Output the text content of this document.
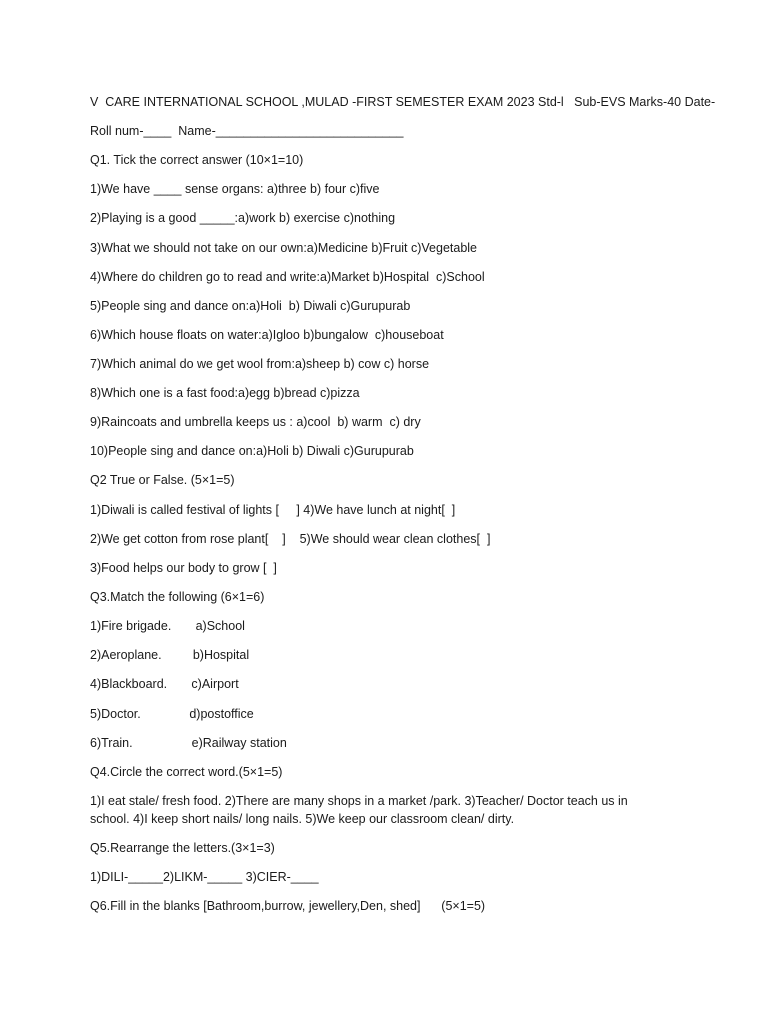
V  CARE INTERNATIONAL SCHOOL ,MULAD -FIRST SEMESTER EXAM 2023 Std-l   Sub-EVS Marks-40 Date-
Roll num-____  Name-___________________________
Q1. Tick the correct answer (10×1=10)
1)We have ____ sense organs: a)three b) four c)five
2)Playing is a good _____:a)work b) exercise c)nothing
3)What we should not take on our own:a)Medicine b)Fruit c)Vegetable
4)Where do children go to read and write:a)Market b)Hospital  c)School
5)People sing and dance on:a)Holi  b) Diwali c)Gurupurab
6)Which house floats on water:a)Igloo b)bungalow  c)houseboat
7)Which animal do we get wool from:a)sheep b) cow c) horse
8)Which one is a fast food:a)egg b)bread c)pizza
9)Raincoats and umbrella keeps us : a)cool  b) warm  c) dry
10)People sing and dance on:a)Holi b) Diwali c)Gurupurab
Q2 True or False. (5×1=5)
1)Diwali is called festival of lights [     ] 4)We have lunch at night[  ]
2)We get cotton from rose plant[    ]    5)We should wear clean clothes[  ]
3)Food helps our body to grow [  ]
Q3.Match the following (6×1=6)
1)Fire brigade.       a)School
2)Aeroplane.         b)Hospital
4)Blackboard.       c)Airport
5)Doctor.              d)postoffice
6)Train.                 e)Railway station
Q4.Circle the correct word.(5×1=5)
1)I eat stale/ fresh food. 2)There are many shops in a market /park. 3)Teacher/ Doctor teach us in school. 4)I keep short nails/ long nails. 5)We keep our classroom clean/ dirty.
Q5.Rearrange the letters.(3×1=3)
1)DILI-_____2)LIKM-_____ 3)CIER-____
Q6.Fill in the blanks [Bathroom,burrow, jewellery,Den, shed]      (5×1=5)
